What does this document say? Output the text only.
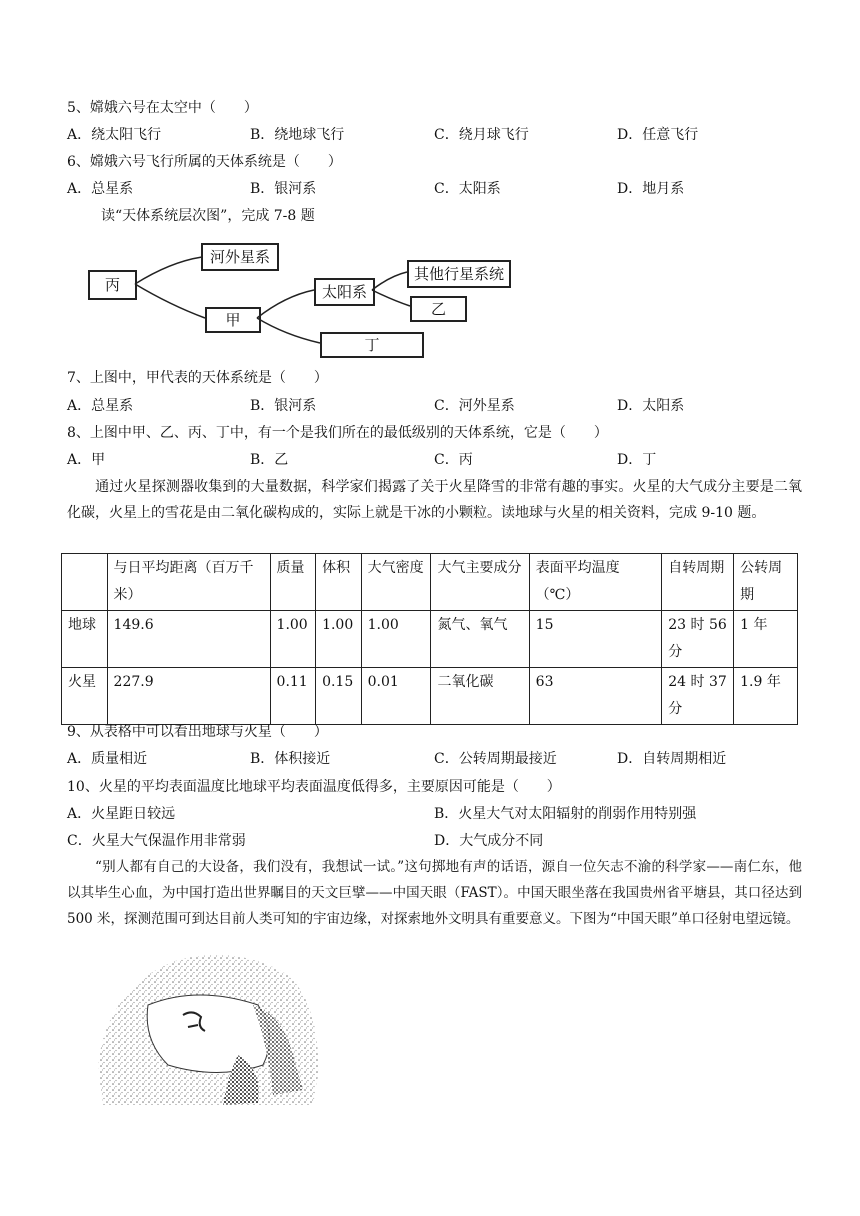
5、嫦娥六号在太空中（　　）
A．绕太阳飞行	B．绕地球飞行	C．绕月球飞行	D．任意飞行
6、嫦娥六号飞行所属的天体系统是（　　）
A．总星系	B．银河系	C．太阳系	D．地月系
读“天体系统层次图”，完成 7-8 题
丙
河外星系
甲
太阳系
其他行星系统
乙
丁
7、上图中，甲代表的天体系统是（　　）
A．总星系	B．银河系	C．河外星系	D．太阳系
8、上图中甲、乙、丙、丁中，有一个是我们所在的最低级别的天体系统，它是（　　）
A．甲	B．乙	C．丙	D．丁
通过火星探测器收集到的大量数据，科学家们揭露了关于火星降雪的非常有趣的事实。火星的大气成分主要是二氧化碳，火星上的雪花是由二氧化碳构成的，实际上就是干冰的小颗粒。读地球与火星的相关资料，完成 9-10 题。
	与日平均距离（百万千米）	质量	体积	大气密度	大气主要成分	表面平均温度（℃）	自转周期	公转周期
地球	149.6	1.00	1.00	1.00	氮气、氧气	15	23 时 56 分	1 年
火星	227.9	0.11	0.15	0.01	二氧化碳	63	24 时 37 分	1.9 年
9、从表格中可以看出地球与火星（　　）
A．质量相近	B．体积接近	C．公转周期最接近	D．自转周期相近
10、火星的平均表面温度比地球平均表面温度低得多，主要原因可能是（　　）
A．火星距日较远	B．火星大气对太阳辐射的削弱作用特别强
C．火星大气保温作用非常弱	D．大气成分不同
“别人都有自己的大设备，我们没有，我想试一试。”这句掷地有声的话语，源自一位矢志不渝的科学家——南仁东，他以其毕生心血，为中国打造出世界瞩目的天文巨擘——中国天眼（FAST）。中国天眼坐落在我国贵州省平塘县，其口径达到 500 米，探测范围可到达目前人类可知的宇宙边缘，对探索地外文明具有重要意义。下图为“中国天眼”单口径射电望远镜。
